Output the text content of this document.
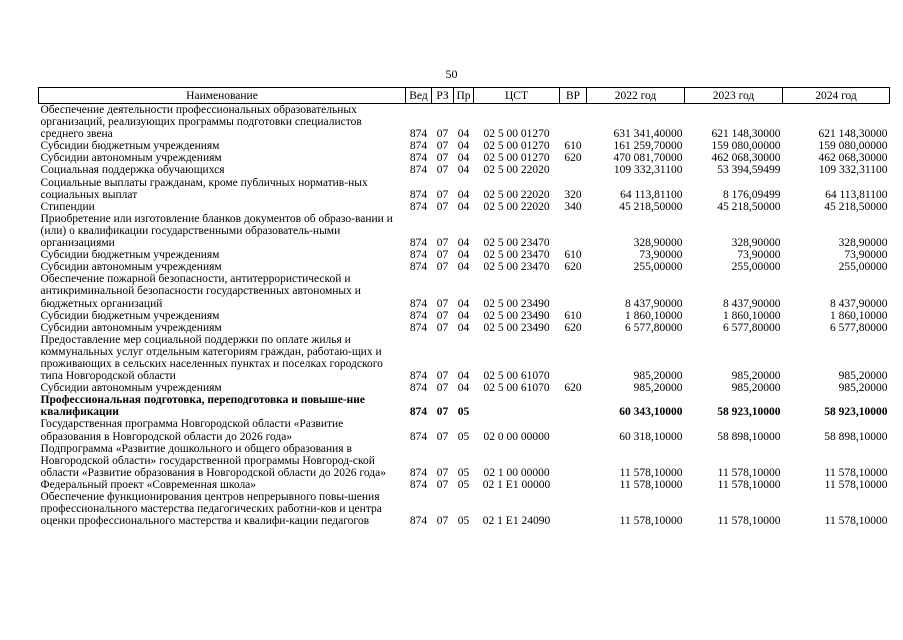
50
Наименование	Вед	РЗ	Пр	ЦСТ	ВР	2022 год	2023 год	2024 год
Обеспечение деятельности профессиональных образовательных организаций, реализующих программы подготовки специалистов среднего звена	874	07	04	02 5 00 01270		631 341,40000	621 148,30000	621 148,30000
Субсидии бюджетным учреждениям	874	07	04	02 5 00 01270	610	161 259,70000	159 080,00000	159 080,00000
Субсидии автономным учреждениям	874	07	04	02 5 00 01270	620	470 081,70000	462 068,30000	462 068,30000
Социальная поддержка обучающихся	874	07	04	02 5 00 22020		109 332,31100	53 394,59499	109 332,31100
Социальные выплаты гражданам, кроме публичных норматив-ных социальных выплат	874	07	04	02 5 00 22020	320	64 113,81100	8 176,09499	64 113,81100
Стипендии	874	07	04	02 5 00 22020	340	45 218,50000	45 218,50000	45 218,50000
Приобретение или изготовление бланков документов об образо-вании и (или) о квалификации государственными образователь-ными организациями	874	07	04	02 5 00 23470		328,90000	328,90000	328,90000
Субсидии бюджетным учреждениям	874	07	04	02 5 00 23470	610	73,90000	73,90000	73,90000
Субсидии автономным учреждениям	874	07	04	02 5 00 23470	620	255,00000	255,00000	255,00000
Обеспечение пожарной безопасности, антитеррористической и антикриминальной безопасности государственных автономных и бюджетных организаций	874	07	04	02 5 00 23490		8 437,90000	8 437,90000	8 437,90000
Субсидии бюджетным учреждениям	874	07	04	02 5 00 23490	610	1 860,10000	1 860,10000	1 860,10000
Субсидии автономным учреждениям	874	07	04	02 5 00 23490	620	6 577,80000	6 577,80000	6 577,80000
Предоставление мер социальной поддержки по оплате жилья и коммунальных услуг отдельным категориям граждан, работаю-щих и проживающих в сельских населенных пунктах и поселках городского типа Новгородской области	874	07	04	02 5 00 61070		985,20000	985,20000	985,20000
Субсидии автономным учреждениям	874	07	04	02 5 00 61070	620	985,20000	985,20000	985,20000
Профессиональная подготовка, переподготовка и повыше-ние квалификации	874	07	05			60 343,10000	58 923,10000	58 923,10000
Государственная программа Новгородской области «Развитие образования в Новгородской области до 2026 года»	874	07	05	02 0 00 00000		60 318,10000	58 898,10000	58 898,10000
Подпрограмма «Развитие дошкольного и общего образования в Новгородской области» государственной программы Новгород-ской области «Развитие образования в Новгородской области до 2026 года»	874	07	05	02 1 00 00000		11 578,10000	11 578,10000	11 578,10000
Федеральный проект «Современная школа»	874	07	05	02 1 E1 00000		11 578,10000	11 578,10000	11 578,10000
Обеспечение функционирования центров непрерывного повы-шения профессионального мастерства педагогических работни-ков и центра оценки профессионального мастерства и квалифи-кации педагогов	874	07	05	02 1 E1 24090		11 578,10000	11 578,10000	11 578,10000
